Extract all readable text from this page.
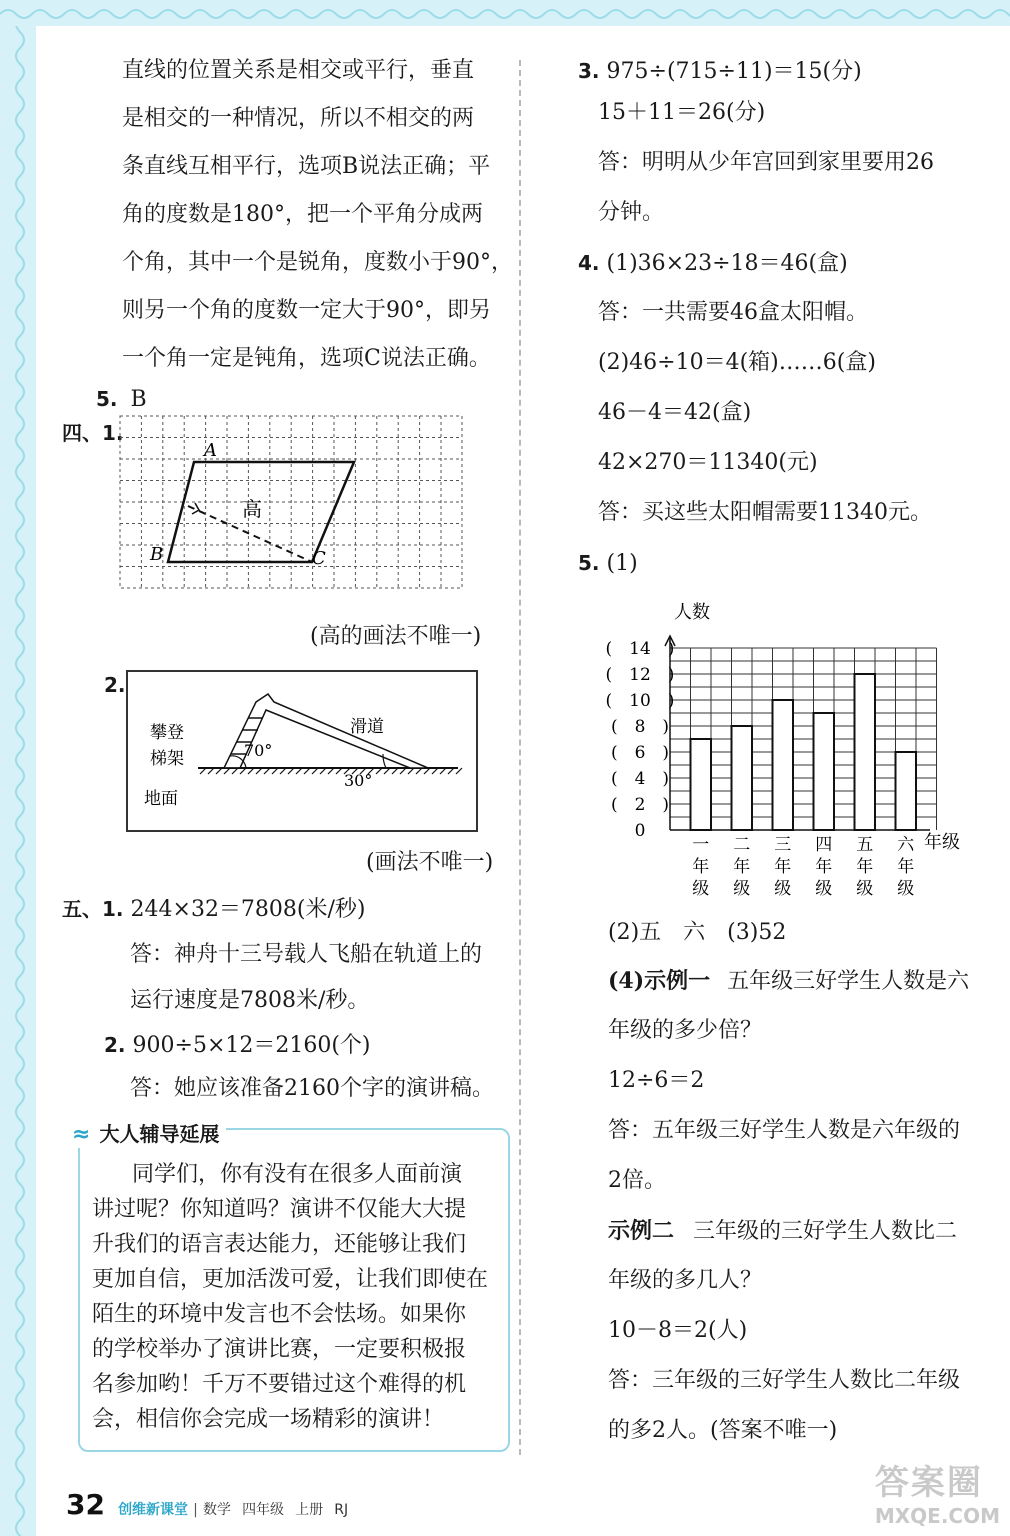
直线的位置关系是相交或平行，垂直
是相交的一种情况，所以不相交的两
条直线互相平行，选项B说法正确；平
角的度数是180°，把一个平角分成两
个角，其中一个是锐角，度数小于90°，
则另一个角的度数一定大于90°，即另
一个角一定是钝角，选项C说法正确。
5. B
四、1.
A
B	C
高
(高的画法不唯一)
2.
攀登
梯架
滑道
地面
70°
30°
(画法不唯一)
五、1. 244×32＝7808(米/秒)
答：神舟十三号载人飞船在轨道上的
运行速度是7808米/秒。
2. 900÷5×12＝2160(个)
答：她应该准备2160个字的演讲稿。
≈ 大人辅导延展
同学们，你有没有在很多人面前演
讲过呢？你知道吗？演讲不仅能大大提
升我们的语言表达能力，还能够让我们
更加自信，更加活泼可爱，让我们即使在
陌生的环境中发言也不会怯场。如果你
的学校举办了演讲比赛，一定要积极报
名参加哟！千万不要错过这个难得的机
会，相信你会完成一场精彩的演讲！
3. 975÷(715÷11)＝15(分)
15＋11＝26(分)
答：明明从少年宫回到家里要用26
分钟。
4. (1)36×23÷18＝46(盒)
答：一共需要46盒太阳帽。
(2)46÷10＝4(箱)……6(盒)
46－4＝42(盒)
42×270＝11340(元)
答：买这些太阳帽需要11340元。
5. (1)
人数
0
(　2　)
(　4　)
(　6　)
(　8　)
(　10　)
(　12　)
(　14　)
一
年
级
二
年
级
三
年
级
四
年
级
五
年
级
六
年
级
年级
(2)五　六　(3)52
(4)示例一 五年级三好学生人数是六
年级的多少倍？
12÷6＝2
答：五年级三好学生人数是六年级的
2倍。
示例二 三年级的三好学生人数比二
年级的多几人？
10－8＝2(人)
答：三年级的三好学生人数比二年级
的多2人。(答案不唯一)
32 创维新课堂 | 数学 四年级 上册 RJ
答案圈
MXQE.COM
